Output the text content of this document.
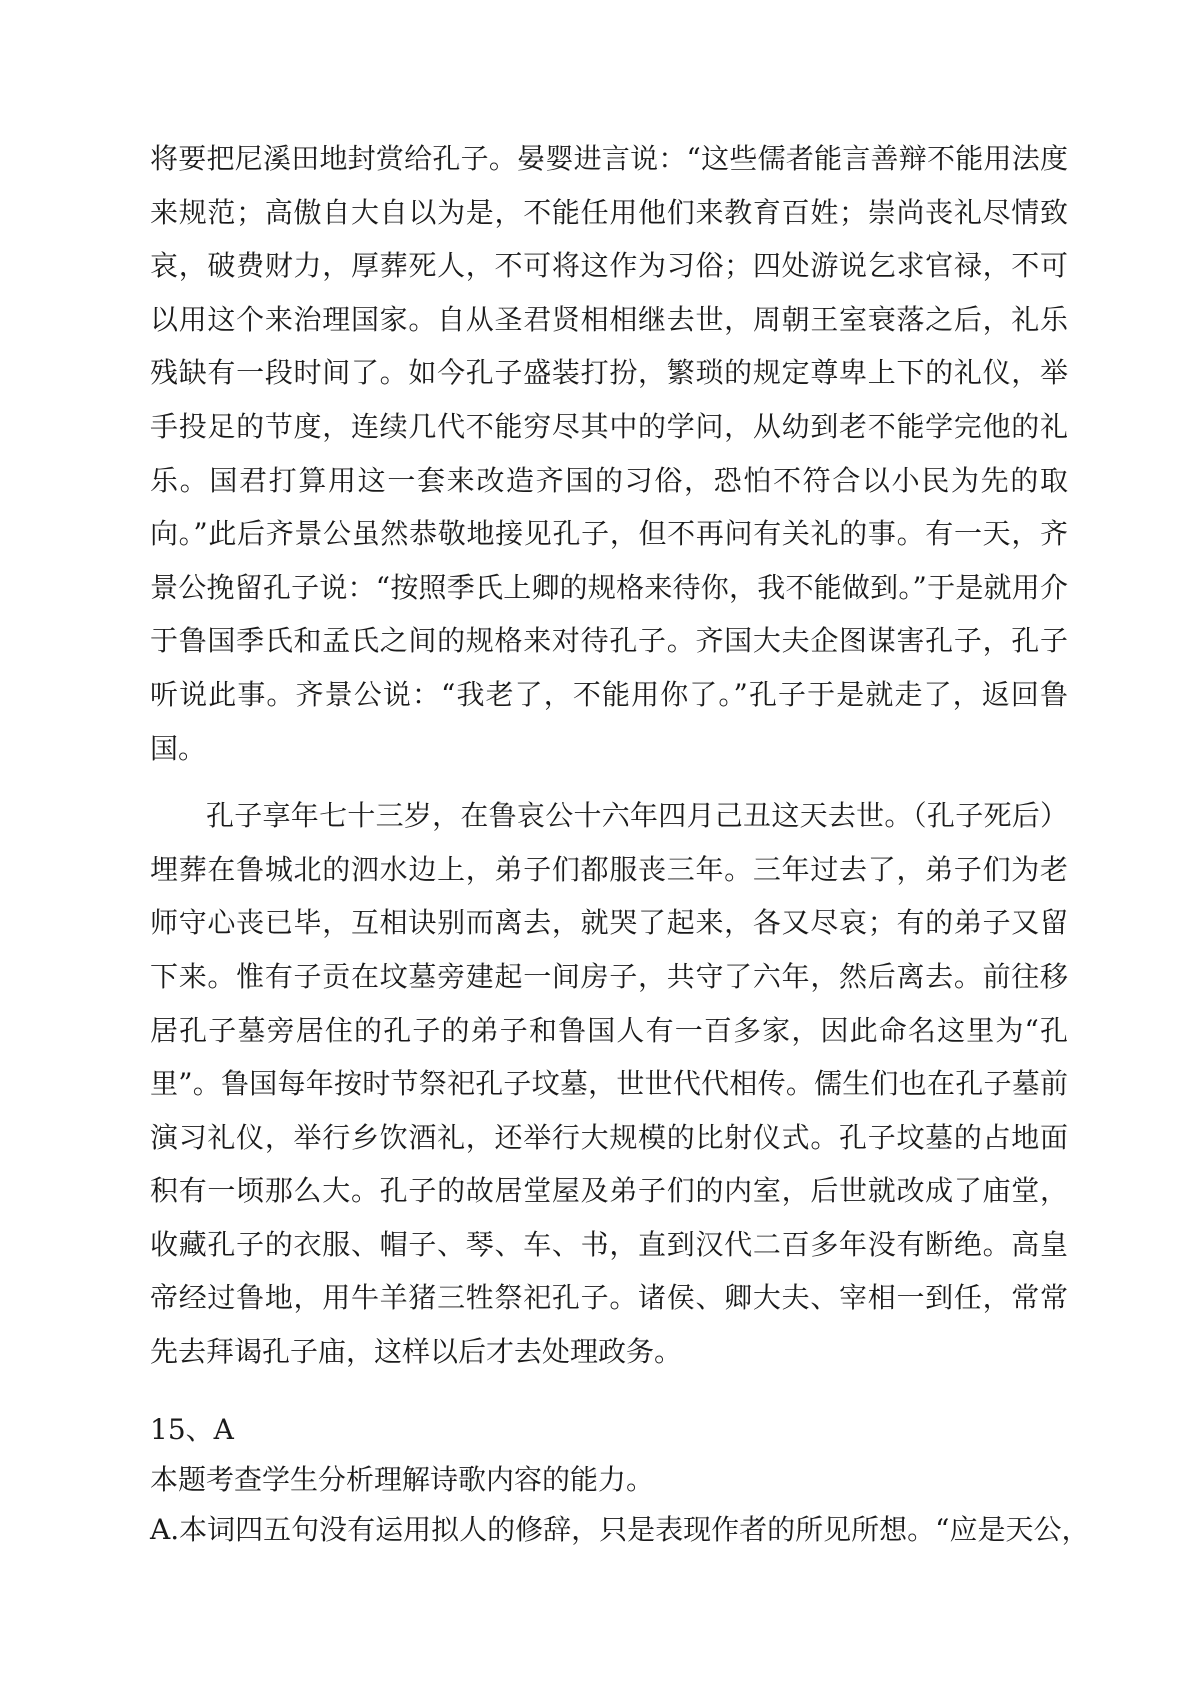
将要把尼溪田地封赏给孔子。晏婴进言说：“这些儒者能言善辩不能用法度来规范；高傲自大自以为是，不能任用他们来教育百姓；崇尚丧礼尽情致哀，破费财力，厚葬死人，不可将这作为习俗；四处游说乞求官禄，不可以用这个来治理国家。自从圣君贤相相继去世，周朝王室衰落之后，礼乐残缺有一段时间了。如今孔子盛装打扮，繁琐的规定尊卑上下的礼仪，举手投足的节度，连续几代不能穷尽其中的学问，从幼到老不能学完他的礼乐。国君打算用这一套来改造齐国的习俗，恐怕不符合以小民为先的取向。”此后齐景公虽然恭敬地接见孔子，但不再问有关礼的事。有一天，齐景公挽留孔子说：“按照季氏上卿的规格来待你，我不能做到。”于是就用介于鲁国季氏和孟氏之间的规格来对待孔子。齐国大夫企图谋害孔子，孔子听说此事。齐景公说：“我老了，不能用你了。”孔子于是就走了，返回鲁国。

孔子享年七十三岁，在鲁哀公十六年四月己丑这天去世。（孔子死后）埋葬在鲁城北的泗水边上，弟子们都服丧三年。三年过去了，弟子们为老师守心丧已毕，互相诀别而离去，就哭了起来，各又尽哀；有的弟子又留下来。惟有子贡在坟墓旁建起一间房子，共守了六年，然后离去。前往移居孔子墓旁居住的孔子的弟子和鲁国人有一百多家，因此命名这里为“孔里”。鲁国每年按时节祭祀孔子坟墓，世世代代相传。儒生们也在孔子墓前演习礼仪，举行乡饮酒礼，还举行大规模的比射仪式。孔子坟墓的占地面积有一顷那么大。孔子的故居堂屋及弟子们的内室，后世就改成了庙堂，收藏孔子的衣服、帽子、琴、车、书，直到汉代二百多年没有断绝。高皇帝经过鲁地，用牛羊猪三牲祭祀孔子。诸侯、卿大夫、宰相一到任，常常先去拜谒孔子庙，这样以后才去处理政务。

15、A
本题考查学生分析理解诗歌内容的能力。
A.本词四五句没有运用拟人的修辞，只是表现作者的所见所想。“应是天公，
